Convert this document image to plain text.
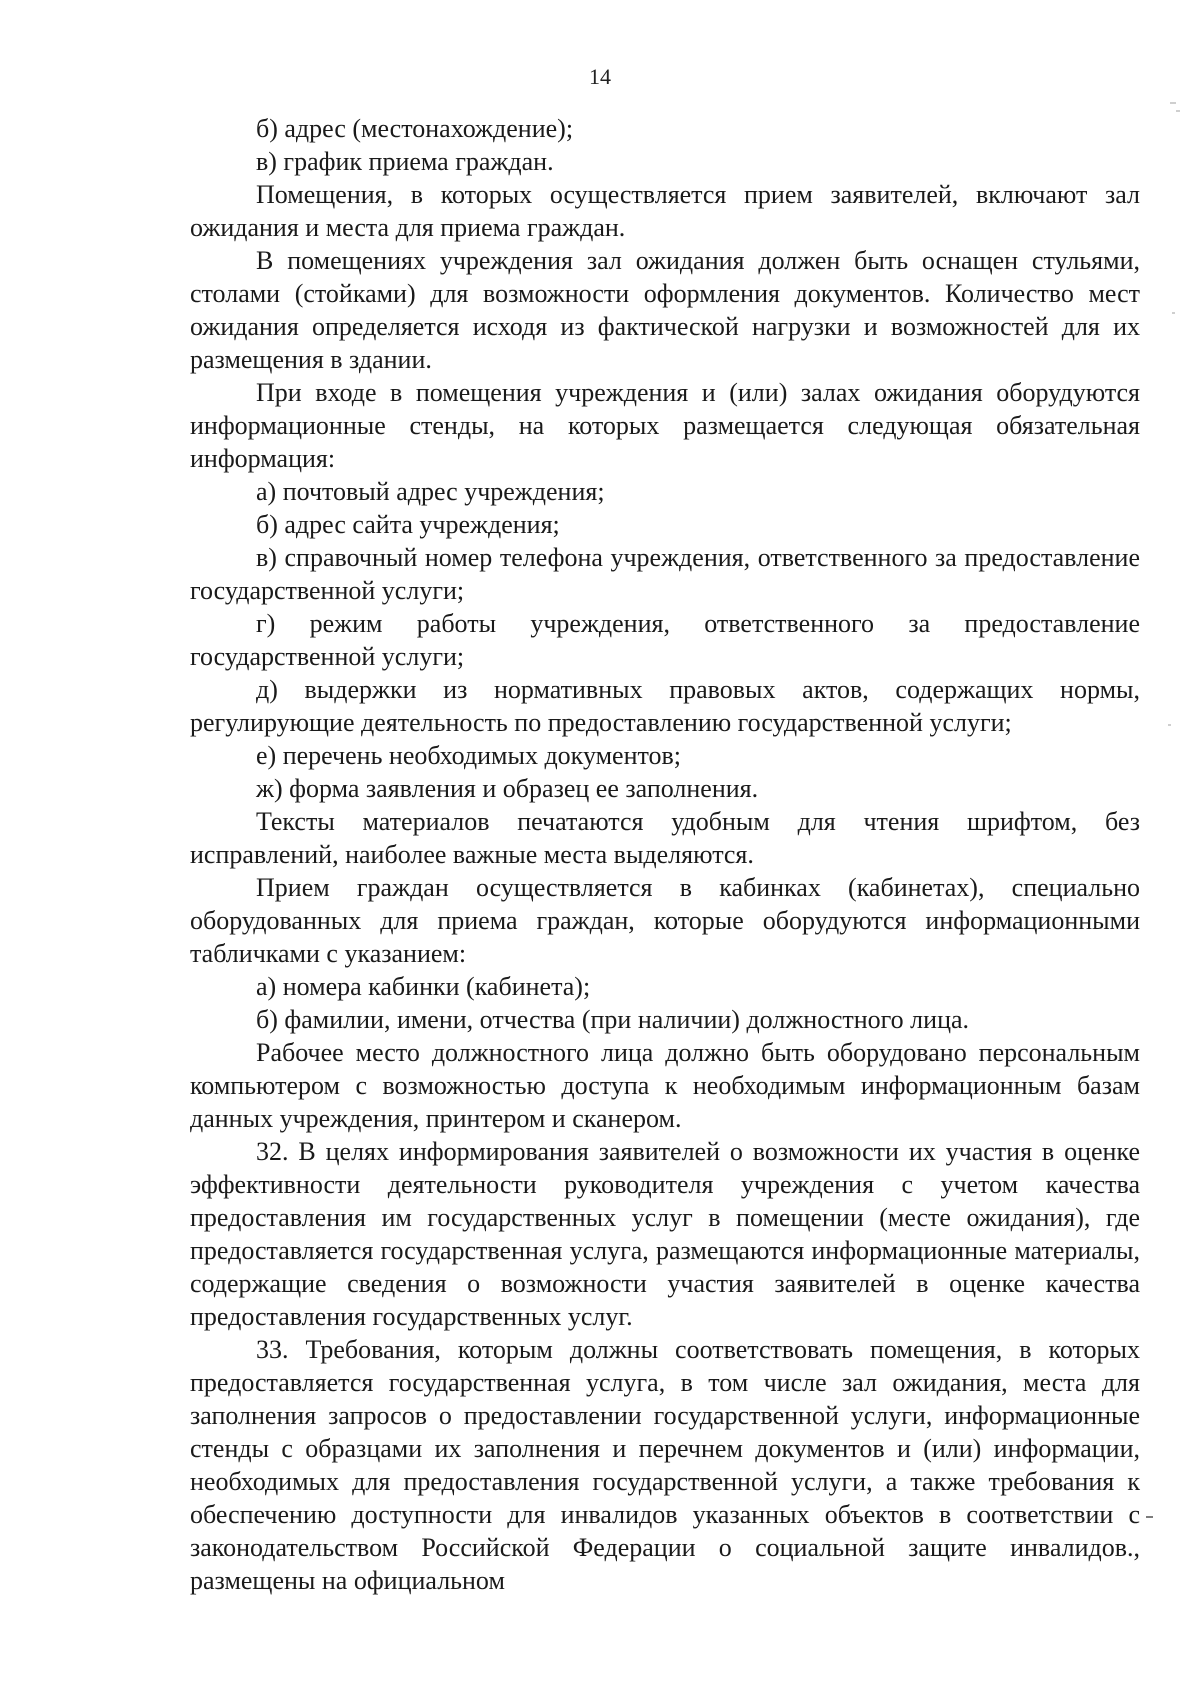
14

б) адрес (местонахождение);

в) график приема граждан.

Помещения, в которых осуществляется прием заявителей, включают зал ожидания и места для приема граждан.

В помещениях учреждения зал ожидания должен быть оснащен стульями, столами (стойками) для возможности оформления документов. Количество мест ожидания определяется исходя из фактической нагрузки и возможностей для их размещения в здании.

При входе в помещения учреждения и (или) залах ожидания оборудуются информационные стенды, на которых размещается следующая обязательная информация:

а) почтовый адрес учреждения;

б) адрес сайта учреждения;

в) справочный номер телефона учреждения, ответственного за предоставление государственной услуги;

г) режим работы учреждения, ответственного за предоставление государственной услуги;

д) выдержки из нормативных правовых актов, содержащих нормы, регулирующие деятельность по предоставлению государственной услуги;

е) перечень необходимых документов;

ж) форма заявления и образец ее заполнения.

Тексты материалов печатаются удобным для чтения шрифтом, без исправлений, наиболее важные места выделяются.

Прием граждан осуществляется в кабинках (кабинетах), специально оборудованных для приема граждан, которые оборудуются информационными табличками с указанием:

а) номера кабинки (кабинета);

б) фамилии, имени, отчества (при наличии) должностного лица.

Рабочее место должностного лица должно быть оборудовано персональным компьютером с возможностью доступа к необходимым информационным базам данных учреждения, принтером и сканером.

32. В целях информирования заявителей о возможности их участия в оценке эффективности деятельности руководителя учреждения с учетом качества предоставления им государственных услуг в помещении (месте ожидания), где предоставляется государственная услуга, размещаются информационные материалы, содержащие сведения о возможности участия заявителей в оценке качества предоставления государственных услуг.

33. Требования, которым должны соответствовать помещения, в которых предоставляется государственная услуга, в том числе зал ожидания, места для заполнения запросов о предоставлении государственной услуги, информационные стенды с образцами их заполнения и перечнем документов и (или) информации, необходимых для предоставления государственной услуги, а также требования к обеспечению доступности для инвалидов указанных объектов в соответствии с законодательством Российской Федерации о социальной защите инвалидов., размещены на официальном
